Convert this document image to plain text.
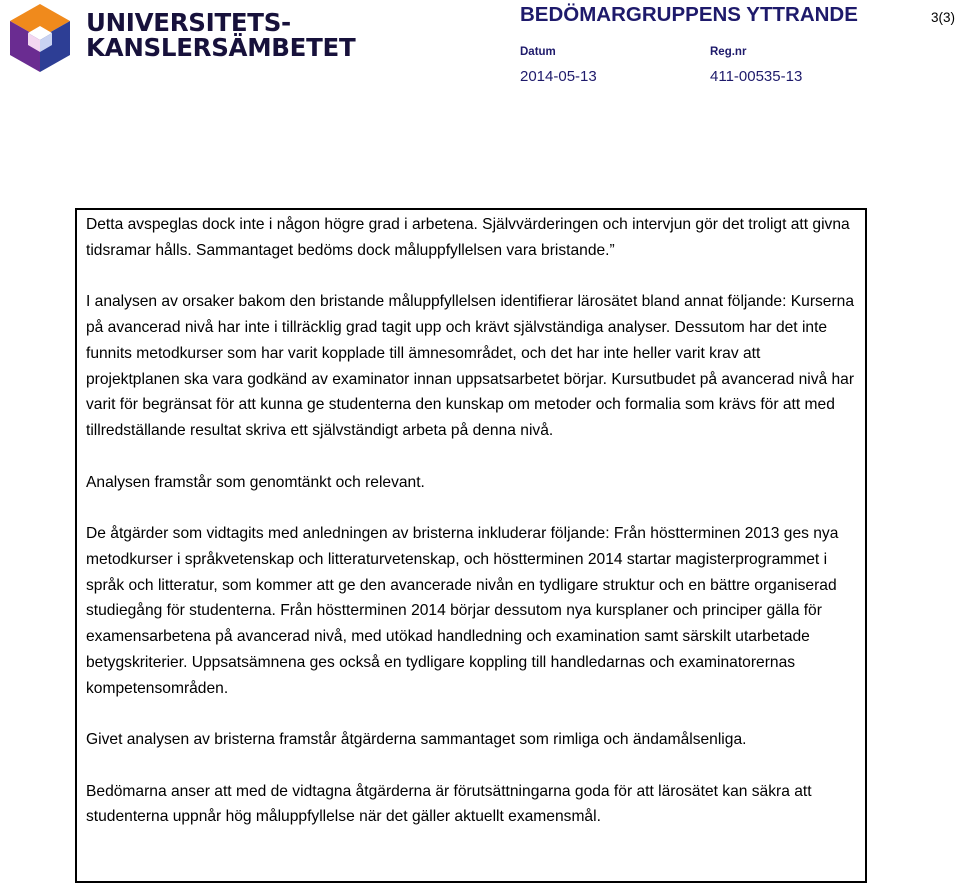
UNIVERSITETS-
KANSLERSÄMBETET
BEDÖMARGRUPPENS YTTRANDE	3(3)
Datum	Reg.nr
2014-05-13	411-00535-13

Detta avspeglas dock inte i någon högre grad i arbetena. Självvärderingen och intervjun gör det troligt att givna tidsramar hålls. Sammantaget bedöms dock måluppfyllelsen vara bristande.”

I analysen av orsaker bakom den bristande måluppfyllelsen identifierar lärosätet bland annat följande: Kurserna på avancerad nivå har inte i tillräcklig grad tagit upp och krävt självständiga analyser. Dessutom har det inte funnits metodkurser som har varit kopplade till ämnesområdet, och det har inte heller varit krav att projektplanen ska vara godkänd av examinator innan uppsatsarbetet börjar. Kursutbudet på avancerad nivå har varit för begränsat för att kunna ge studenterna den kunskap om metoder och formalia som krävs för att med tillredställande resultat skriva ett självständigt arbeta på denna nivå.

Analysen framstår som genomtänkt och relevant.

De åtgärder som vidtagits med anledningen av bristerna inkluderar följande: Från höstterminen 2013 ges nya metodkurser i språkvetenskap och litteraturvetenskap, och höstterminen 2014 startar magisterprogrammet i språk och litteratur, som kommer att ge den avancerade nivån en tydligare struktur och en bättre organiserad studiegång för studenterna. Från höstterminen 2014 börjar dessutom nya kursplaner och principer gälla för examensarbetena på avancerad nivå, med utökad handledning och examination samt särskilt utarbetade betygskriterier. Uppsatsämnena ges också en tydligare koppling till handledarnas och examinatorernas kompetensområden.

Givet analysen av bristerna framstår åtgärderna sammantaget som rimliga och ändamålsenliga.

Bedömarna anser att med de vidtagna åtgärderna är förutsättningarna goda för att lärosätet kan säkra att studenterna uppnår hög måluppfyllelse när det gäller aktuellt examensmål.
